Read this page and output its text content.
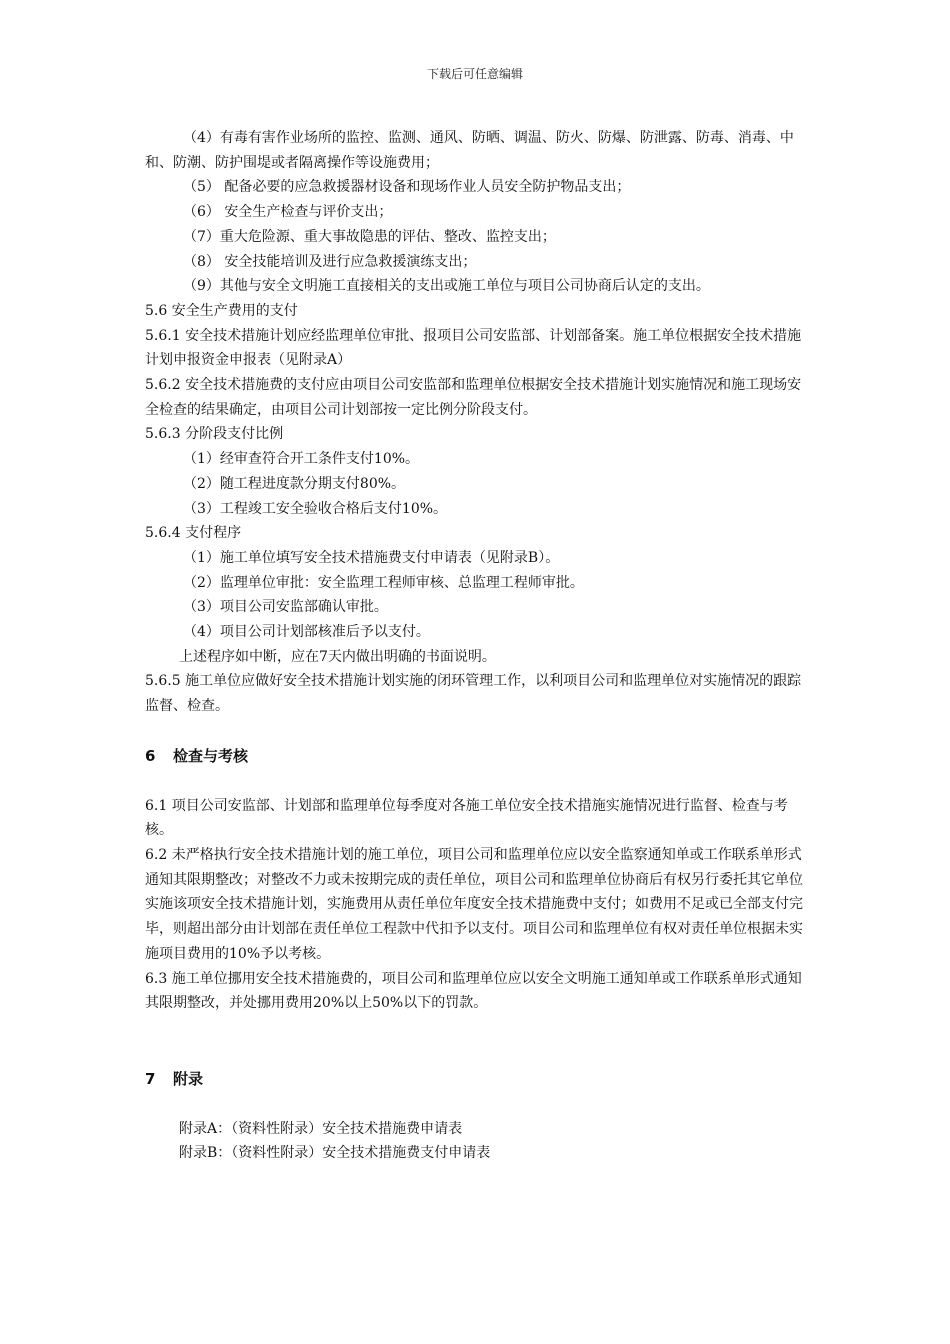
下载后可任意编辑

（4）有毒有害作业场所的监控、监测、通风、防晒、调温、防火、防爆、防泄露、防毒、消毒、中和、防潮、防护围堤或者隔离操作等设施费用；

（5） 配备必要的应急救援器材设备和现场作业人员安全防护物品支出；

（6） 安全生产检查与评价支出；

（7）重大危险源、重大事故隐患的评估、整改、监控支出；

（8） 安全技能培训及进行应急救援演练支出；

（9）其他与安全文明施工直接相关的支出或施工单位与项目公司协商后认定的支出。

5.6 安全生产费用的支付

5.6.1 安全技术措施计划应经监理单位审批、报项目公司安监部、计划部备案。施工单位根据安全技术措施计划申报资金申报表（见附录A）

5.6.2 安全技术措施费的支付应由项目公司安监部和监理单位根据安全技术措施计划实施情况和施工现场安全检查的结果确定，由项目公司计划部按一定比例分阶段支付。

5.6.3 分阶段支付比例

（1）经审查符合开工条件支付10%。

（2）随工程进度款分期支付80%。

（3）工程竣工安全验收合格后支付10%。

5.6.4 支付程序

（1）施工单位填写安全技术措施费支付申请表（见附录B）。

（2）监理单位审批：安全监理工程师审核、总监理工程师审批。

（3）项目公司安监部确认审批。

（4）项目公司计划部核准后予以支付。

上述程序如中断，应在7天内做出明确的书面说明。

5.6.5 施工单位应做好安全技术措施计划实施的闭环管理工作，以利项目公司和监理单位对实施情况的跟踪监督、检查。

6 检查与考核

6.1 项目公司安监部、计划部和监理单位每季度对各施工单位安全技术措施实施情况进行监督、检查与考核。

6.2 未严格执行安全技术措施计划的施工单位，项目公司和监理单位应以安全监察通知单或工作联系单形式通知其限期整改；对整改不力或未按期完成的责任单位，项目公司和监理单位协商后有权另行委托其它单位实施该项安全技术措施计划，实施费用从责任单位年度安全技术措施费中支付；如费用不足或已全部支付完毕，则超出部分由计划部在责任单位工程款中代扣予以支付。项目公司和监理单位有权对责任单位根据未实施项目费用的10%予以考核。

6.3 施工单位挪用安全技术措施费的，项目公司和监理单位应以安全文明施工通知单或工作联系单形式通知其限期整改，并处挪用费用20%以上50%以下的罚款。

7 附录

附录A：（资料性附录）安全技术措施费申请表

附录B：（资料性附录）安全技术措施费支付申请表
